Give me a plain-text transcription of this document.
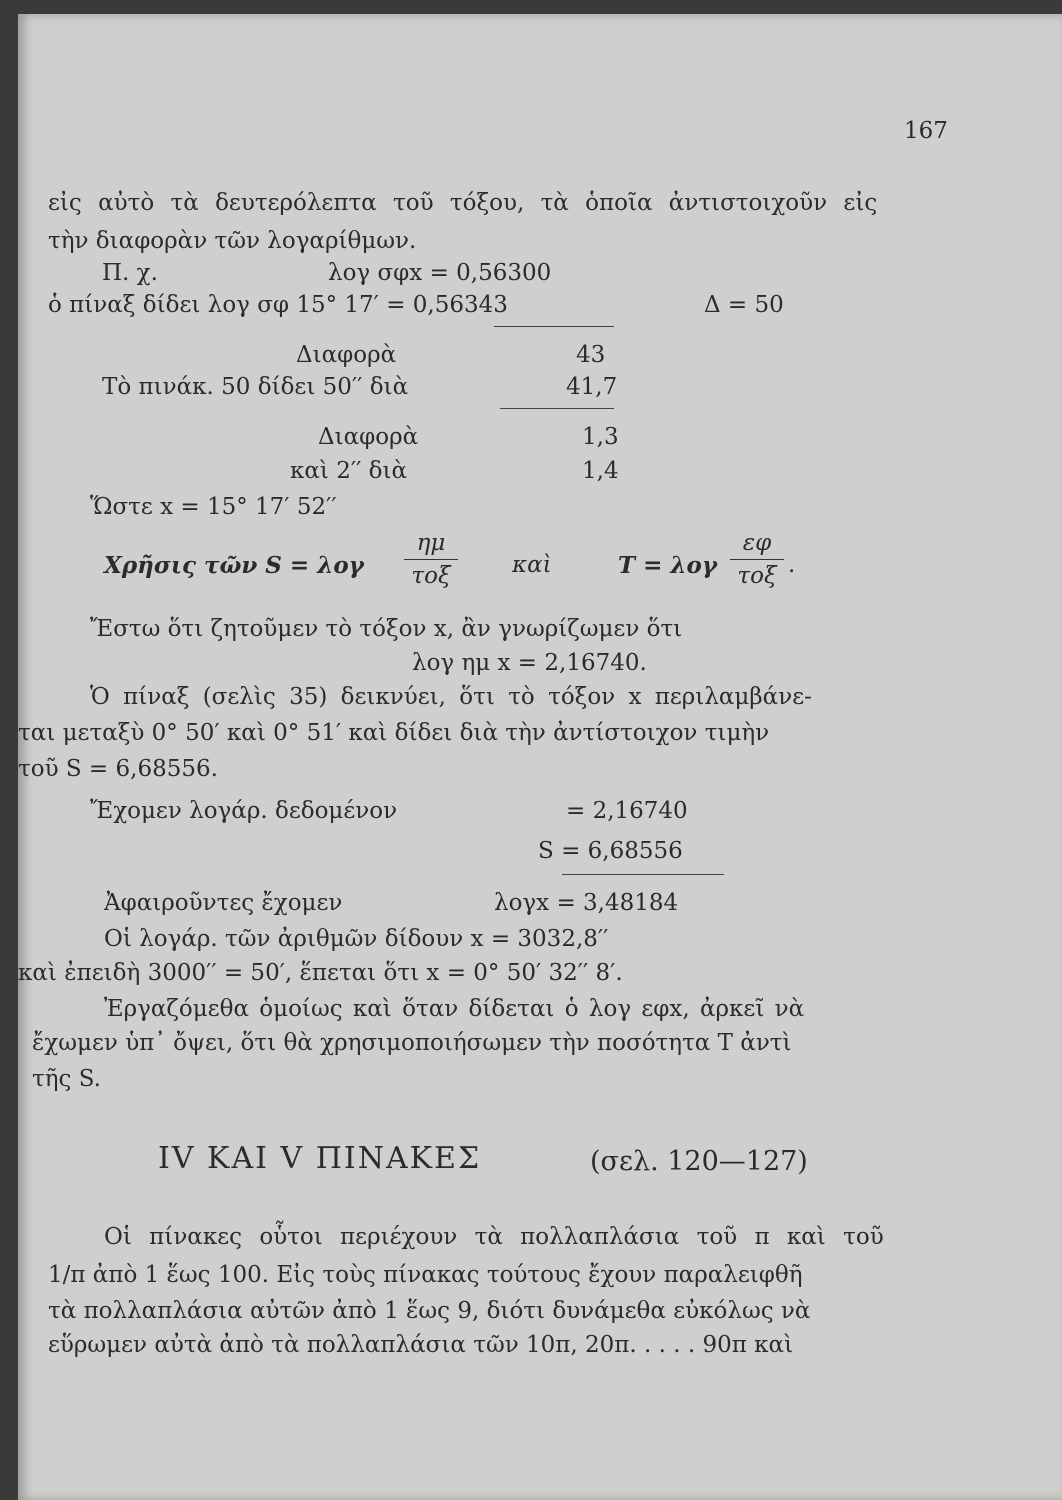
167
εἰς αὐτὸ τὰ δευτερόλεπτα τοῦ τόξου, τὰ ὁποῖα ἀντιστοιχοῦν εἰς
τὴν διαφορὰν τῶν λογαρίθμων.
Π. χ.	λογ σφx = 0,56300
ὁ πίναξ δίδει λογ σφ 15° 17′ = 0,56343	Δ = 50
Διαφορὰ	43
Τὸ πινάκ. 50 δίδει 50′′ διὰ	41,7
Διαφορὰ	1,3
καὶ 2′′ διὰ	1,4
Ὥστε x = 15° 17′ 52′′
Χρῆσις τῶν S = λογ
ημ
τοξ	καὶ	T = λογ
εφ
τοξ .
Ἔστω ὅτι ζητοῦμεν τὸ τόξον x, ἂν γνωρίζωμεν ὅτι
λογ ημ x = 2,16740.
Ὁ πίναξ (σελὶς 35) δεικνύει, ὅτι τὸ τόξον x περιλαμβάνε-
ται μεταξὺ 0° 50′ καὶ 0° 51′ καὶ δίδει διὰ τὴν ἀντίστοιχον τιμὴν
τοῦ S = 6,68556.
Ἔχομεν λογάρ. δεδομένον	= 2,16740
S = 6,68556
Ἀφαιροῦντες ἔχομεν	λογx = 3,48184
Οἱ λογάρ. τῶν ἀριθμῶν δίδουν x = 3032,8′′
καὶ ἐπειδὴ 3000′′ = 50′, ἕπεται ὅτι x = 0° 50′ 32′′ 8′.
Ἐργαζόμεθα ὁμοίως καὶ ὅταν δίδεται ὁ λογ εφx, ἀρκεῖ νὰ
ἔχωμεν ὑπ᾽ ὄψει, ὅτι θὰ χρησιμοποιήσωμεν τὴν ποσότητα T ἀντὶ
τῆς S.
IV ΚΑΙ V ΠΙΝΑΚΕΣ	(σελ. 120—127)
Οἱ πίνακες οὗτοι περιέχουν τὰ πολλαπλάσια τοῦ π καὶ τοῦ
1/π ἀπὸ 1 ἕως 100. Εἰς τοὺς πίνακας τούτους ἔχουν παραλειφθῆ
τὰ πολλαπλάσια αὐτῶν ἀπὸ 1 ἕως 9, διότι δυνάμεθα εὐκόλως νὰ
εὕρωμεν αὐτὰ ἀπὸ τὰ πολλαπλάσια τῶν 10π, 20π. . . . . 90π καὶ
